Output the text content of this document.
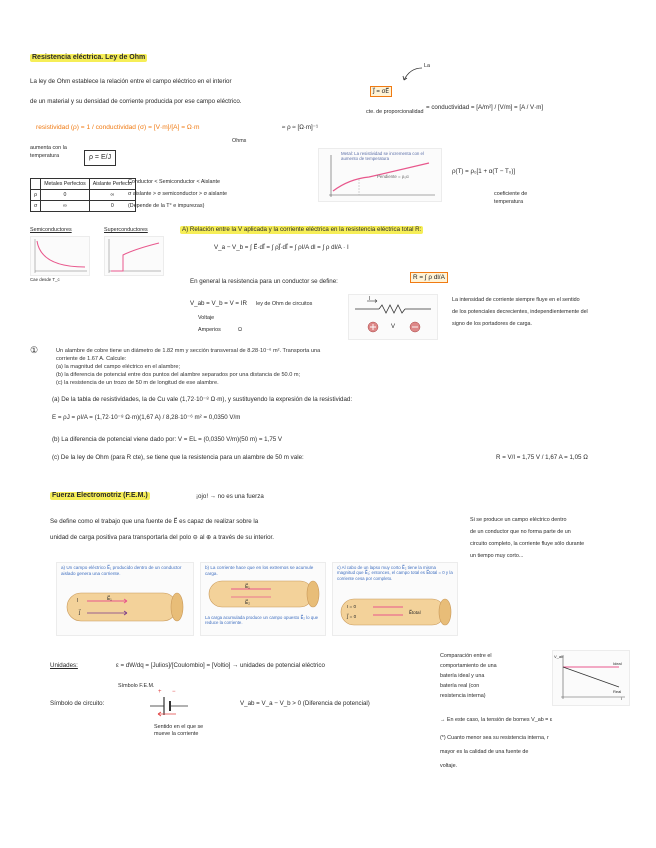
Resistencia eléctrica. Ley de Ohm
La
La ley de Ohm establece la relación entre el campo eléctrico en el interior
de un material y su densidad de corriente producida por ese campo eléctrico.
J⃗ = σE⃗
cte. de proporcionalidad
= conductividad = [A/m²] / [V/m] = [A / V·m]
resistividad (ρ) = 1 / conductividad (σ) = [V·m]/[A] = Ω·m
Ohms
≈ ρ ≈ [Ω·m]⁻¹
aumenta con la temperatura	ρ = E/J
	Metales Perfectos	Aislante Perfecto
ρ	0	∞
σ	∞	0
Conductor < Semiconductor < Aislante
σ aislante > σ semiconductor > σ aislante
(Depende de la T° e impurezas)
Metal: La resistividad se incrementa con el aumento de temperatura
Pendiente = ρ₀α
ρ(T) = ρ₀[1 + α(T − T₀)]
coeficiente de temperatura
Semiconductores	Superconductores
Cae desde T_c
A) Relación entre la V aplicada y la corriente eléctrica en la resistencia eléctrica total R:
V_a − V_b = ∫ E⃗·dl⃗ = ∫ ρJ⃗·dl⃗ = ∫ ρI/A dl = ∫ ρ dl/A · I
En general la resistencia para un conductor se define:
R = ∫ ρ dl/A
V_ab = V_b = V = IR ley de Ohm de circuitos
Voltaje
Amperios	Ω
I
V
La intensidad de corriente siempre fluye en el sentido
de los potenciales decrecientes, independientemente del
signo de los portadores de carga.
①	Un alambre de cobre tiene un diámetro de 1.82 mm y sección transversal de 8.28·10⁻⁶ m². Transporta una
corriente de 1.67 A. Calcule:
(a) la magnitud del campo eléctrico en el alambre;
(b) la diferencia de potencial entre dos puntos del alambre separados por una distancia de 50.0 m;
(c) la resistencia de un trozo de 50 m de longitud de ese alambre.
(a) De la tabla de resistividades, la de Cu vale (1,72·10⁻⁸ Ω·m), y sustituyendo la expresión de la resistividad:
E = ρJ = ρI/A = (1,72·10⁻⁸ Ω·m)(1,67 A) / 8,28·10⁻⁶ m² = 0,0350 V/m
(b) La diferencia de potencial viene dado por: V = EL = (0,0350 V/m)(50 m) = 1,75 V
(c) De la ley de Ohm (para R cte), se tiene que la resistencia para un alambre de 50 m vale:	R = V/I = 1,75 V / 1,67 A = 1,05 Ω
Fuerza Electromotriz (F.E.M.)	¡ojo! → no es una fuerza
Se define como el trabajo que una fuente de E⃗ es capaz de realizar sobre la
unidad de carga positiva para transportarla del polo ⊖ al ⊕ a través de su interior.
Si se produce un campo eléctrico dentro
de un conductor que no forma parte de un
circuito completo, la corriente fluye sólo durante
un tiempo muy corto...
a) Un campo eléctrico E⃗₁ producido dentro de un conductor aislado genera una corriente.
I	E⃗₁
J⃗
b) La corriente hace que en los extremos se acumule carga.
E⃗₁
E⃗₂
La carga acumulada produce un campo opuesto E⃗₂ lo que reduce la corriente.
c) Al cabo de un lapso muy corto E⃗₂ tiene la misma magnitud que E⃗₁; entonces, el campo total es E⃗total = 0 y la corriente cesa por completo.
I = 0
J⃗ = 0
E⃗total
Unidades:	ε = dW/dq = [Julios]/[Coulombio] = [Voltio] → unidades de potencial eléctrico
Símbolo F.E.M.
Símbolo de circuito:
+ −
Sentido en el que se mueve la corriente
V_ab = V_a − V_b > 0 (Diferencia de potencial)
Comparación entre el
comportamiento de una
batería ideal y una
batería real (con
resistencia interna)
V_ab
I
Ideal
Real
→ En este caso, la tensión de bornes V_ab = ε
(*) Cuanto menor sea su resistencia interna, r
mayor es la calidad de una fuente de
voltaje.
